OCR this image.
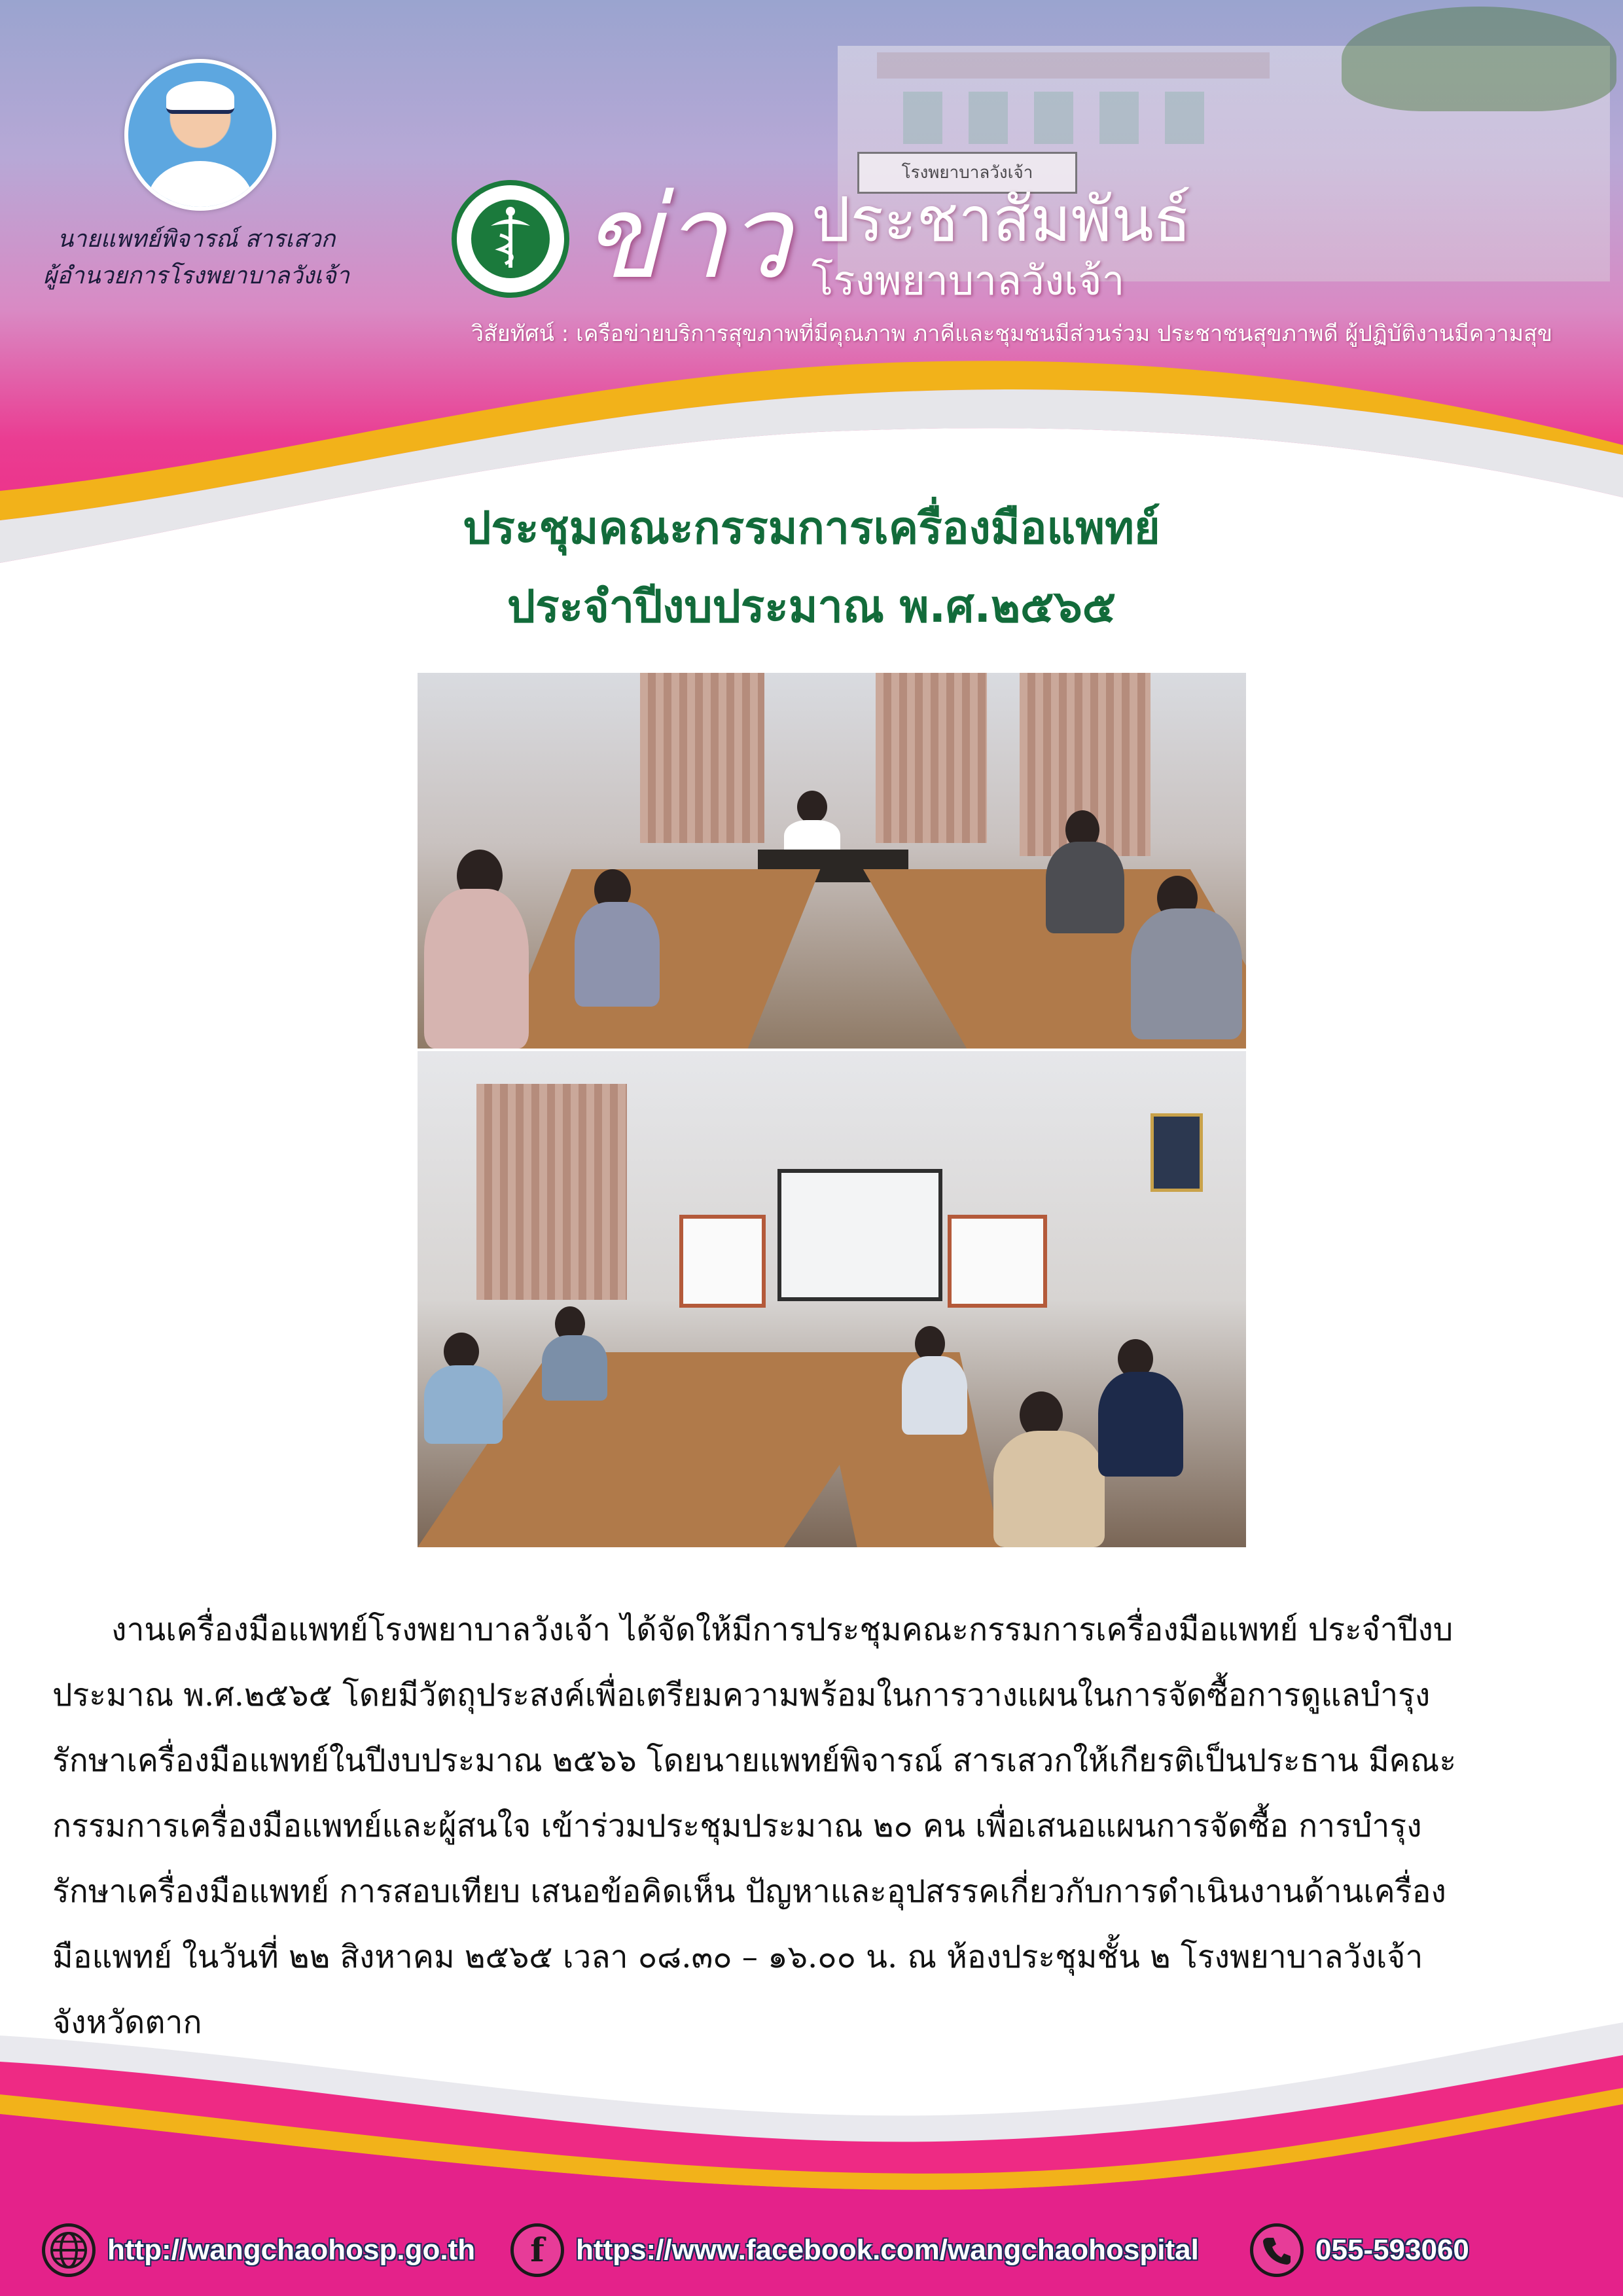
โรงพยาบาลวังเจ้า
นายแพทย์พิจารณ์ สารเสวก
ผู้อำนวยการโรงพยาบาลวังเจ้า ข่าว ประชาสัมพันธ์
โรงพยาบาลวังเจ้า
วิสัยทัศน์ : เครือข่ายบริการสุขภาพที่มีคุณภาพ ภาคีและชุมชนมีส่วนร่วม ประชาชนสุขภาพดี ผู้ปฏิบัติงานมีความสุข
ประชุมคณะกรรมการเครื่องมือแพทย์
ประจำปีงบประมาณ พ.ศ.๒๕๖๕
งานเครื่องมือแพทย์โรงพยาบาลวังเจ้า ได้จัดให้มีการประชุมคณะกรรมการเครื่องมือแพทย์ ประจำปีงบ
ประมาณ พ.ศ.๒๕๖๕ โดยมีวัตถุประสงค์เพื่อเตรียมความพร้อมในการวางแผนในการจัดซื้อการดูแลบำรุง
รักษาเครื่องมือแพทย์ในปีงบประมาณ ๒๕๖๖ โดยนายแพทย์พิจารณ์ สารเสวกให้เกียรติเป็นประธาน มีคณะ
กรรมการเครื่องมือแพทย์และผู้สนใจ เข้าร่วมประชุมประมาณ ๒๐ คน เพื่อเสนอแผนการจัดซื้อ การบำรุง
รักษาเครื่องมือแพทย์ การสอบเทียบ เสนอข้อคิดเห็น ปัญหาและอุปสรรคเกี่ยวกับการดำเนินงานด้านเครื่อง
มือแพทย์ ในวันที่ ๒๒ สิงหาคม ๒๕๖๕ เวลา ๐๘.๓๐ – ๑๖.๐๐ น. ณ ห้องประชุมชั้น ๒ โรงพยาบาลวังเจ้า
จังหวัดตาก
http://wangchaohosp.go.th f https://www.facebook.com/wangchaohospital	055-593060
